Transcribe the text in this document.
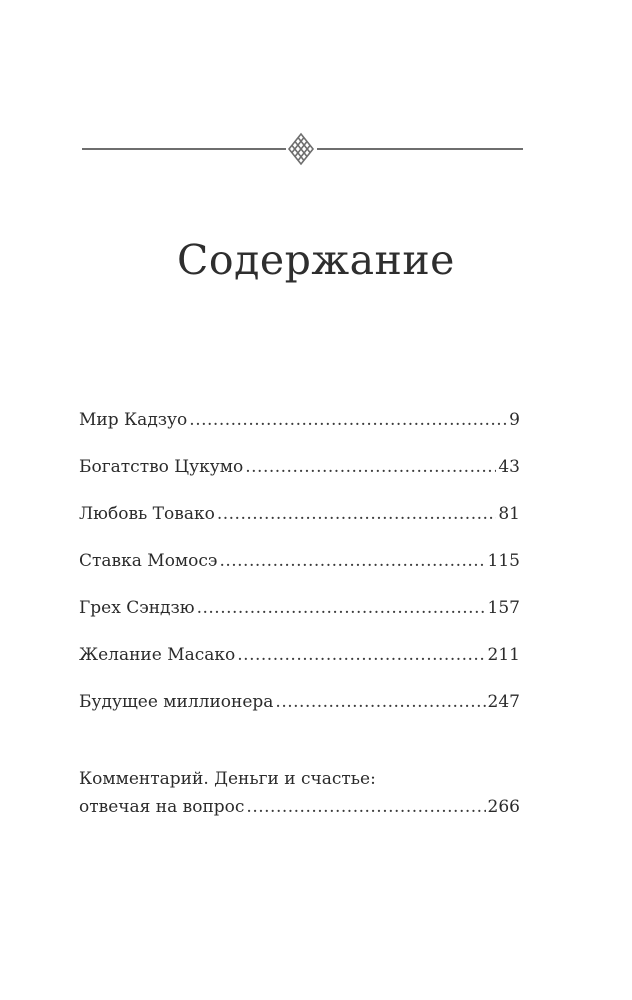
Содержание
Мир Кадзуо .....	9
Богатство Цукумо .....	43
Любовь Товако .....	81
Ставка Момосэ .....	115
Грех Сэндзю .....	157
Желание Масако .....	211
Будущее миллионера .....	247
Комментарий. Деньги и счастье:
отвечая на вопрос .....	266
